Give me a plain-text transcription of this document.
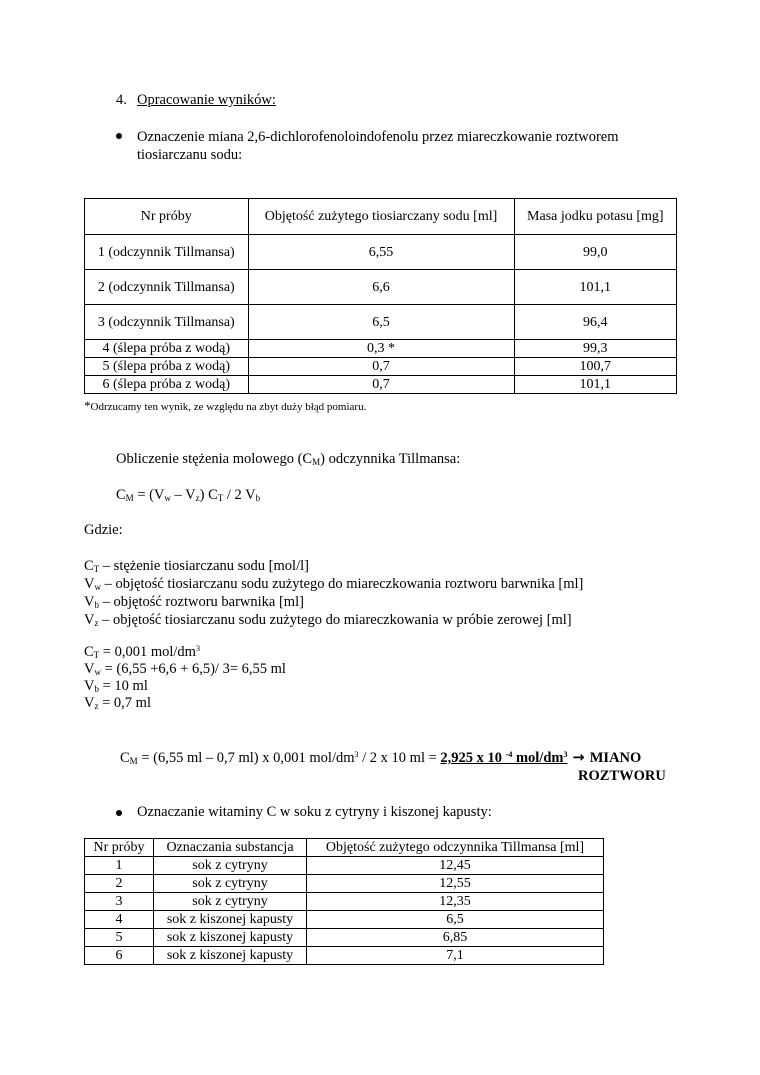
4. Opracowanie wyników:
Oznaczenie miana 2,6-dichlorofenoloindofenolu przez miareczkowanie roztworem
tiosiarczanu sodu:
Nr próby	Objętość zużytego tiosiarczany sodu [ml]	Masa jodku potasu [mg]
1 (odczynnik Tillmansa)	6,55	99,0
2 (odczynnik Tillmansa)	6,6	101,1
3 (odczynnik Tillmansa)	6,5	96,4
4 (ślepa próba z wodą)	0,3 *	99,3
5 (ślepa próba z wodą)	0,7	100,7
6 (ślepa próba z wodą)	0,7	101,1
*Odrzucamy ten wynik, ze względu na zbyt duży błąd pomiaru.
Obliczenie stężenia molowego $(C_M)$ odczynnika Tillmansa:
$C_M = (V_w - V_z)$ $C_T / 2$ $V_b$
Gdzie:
$C_T$ – stężenie tiosiarczanu sodu [mol/l]
$V_w$ – objętość tiosiarczanu sodu zużytego do miareczkowania roztworu barwnika [ml]
$V_b$ – objętość roztworu barwnika [ml]
$V_z$ – objętość tiosiarczanu sodu zużytego do miareczkowania w próbie zerowej [ml]
$C_T = 0,001$ mol/$dm^3$
$V_w = (6,55 +6,6 + 6,5)/$ 3= 6,55 ml
$V_b = 10$ ml
$V_z = 0,7$ ml
$C_M = (6,55$ ml – 0,7 ml) x 0,001 mol/$dm^3 / 2$ x 10 ml = 2,925 x 10 $^{-4}$ mol/$dm^3$ → MIANO
ROZTWORU
Oznaczanie witaminy C w soku z cytryny i kiszonej kapusty:
Nr próby	Oznaczania substancja	Objętość zużytego odczynnika Tillmansa [ml]
1	sok z cytryny	12,45
2	sok z cytryny	12,55
3	sok z cytryny	12,35
4	sok z kiszonej kapusty	6,5
5	sok z kiszonej kapusty	6,85
6	sok z kiszonej kapusty	7,1
